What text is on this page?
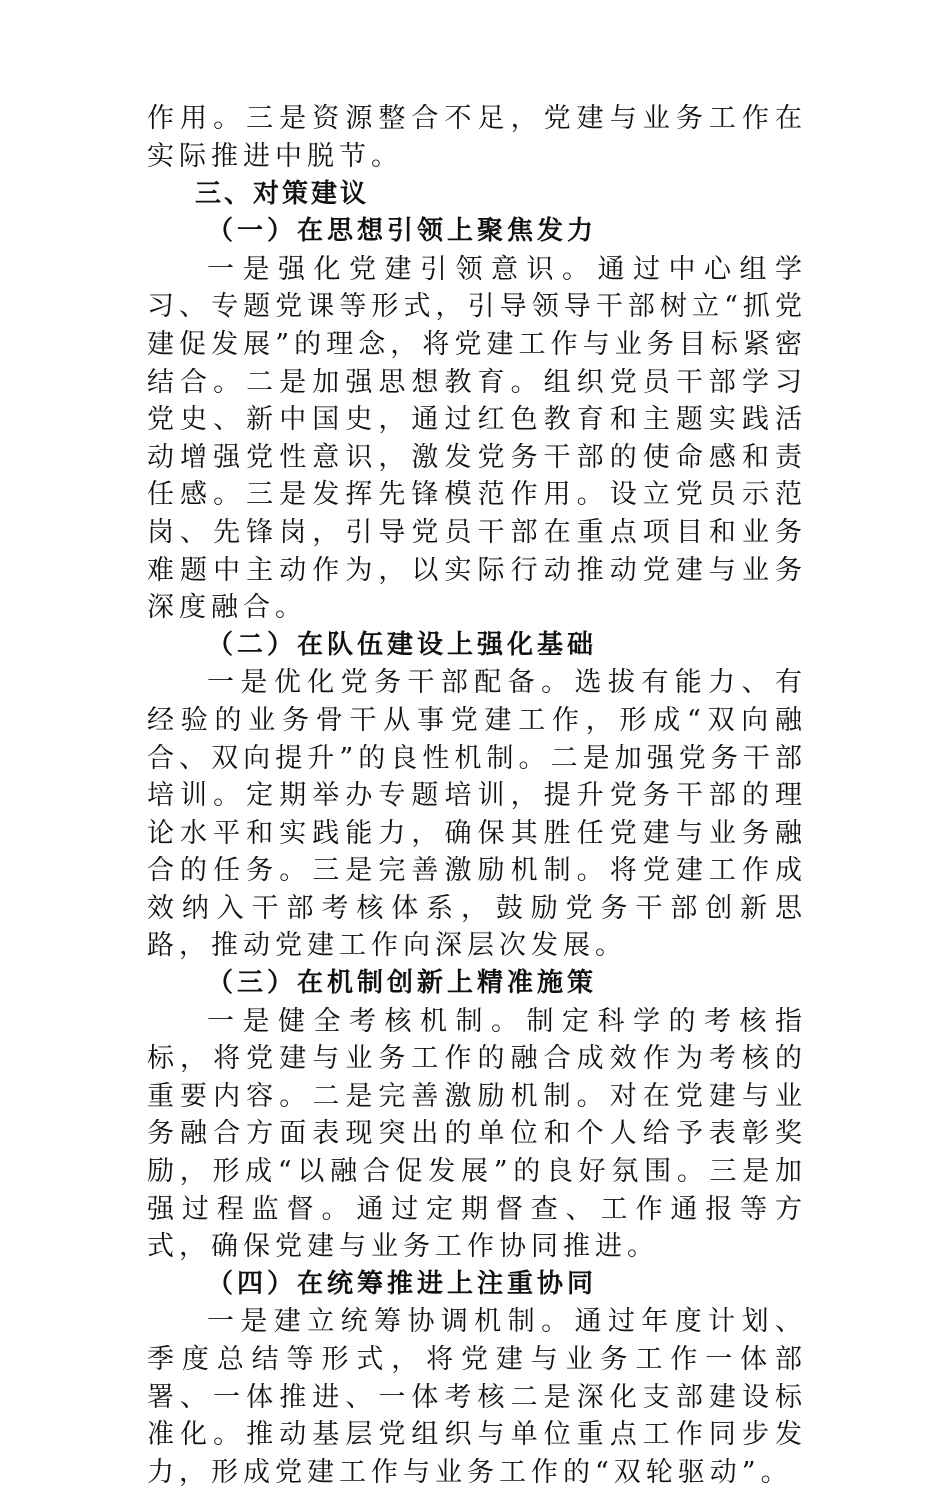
作用。三是资源整合不足，党建与业务工作在实际推进中脱节。

三、对策建议

（一）在思想引领上聚焦发力

一是强化党建引领意识。通过中心组学习、专题党课等形式，引导领导干部树立“抓党建促发展”的理念，将党建工作与业务目标紧密结合。二是加强思想教育。组织党员干部学习党史、新中国史，通过红色教育和主题实践活动增强党性意识，激发党务干部的使命感和责任感。三是发挥先锋模范作用。设立党员示范岗、先锋岗，引导党员干部在重点项目和业务难题中主动作为，以实际行动推动党建与业务深度融合。

（二）在队伍建设上强化基础

一是优化党务干部配备。选拔有能力、有经验的业务骨干从事党建工作，形成“双向融合、双向提升”的良性机制。二是加强党务干部培训。定期举办专题培训，提升党务干部的理论水平和实践能力，确保其胜任党建与业务融合的任务。三是完善激励机制。将党建工作成效纳入干部考核体系，鼓励党务干部创新思路，推动党建工作向深层次发展。

（三）在机制创新上精准施策

一是健全考核机制。制定科学的考核指标，将党建与业务工作的融合成效作为考核的重要内容。二是完善激励机制。对在党建与业务融合方面表现突出的单位和个人给予表彰奖励，形成“以融合促发展”的良好氛围。三是加强过程监督。通过定期督查、工作通报等方式，确保党建与业务工作协同推进。

（四）在统筹推进上注重协同

一是建立统筹协调机制。通过年度计划、季度总结等形式，将党建与业务工作一体部署、一体推进、一体考核二是深化支部建设标准化。推动基层党组织与单位重点工作同步发力，形成党建工作与业务工作的“双轮驱动”。
